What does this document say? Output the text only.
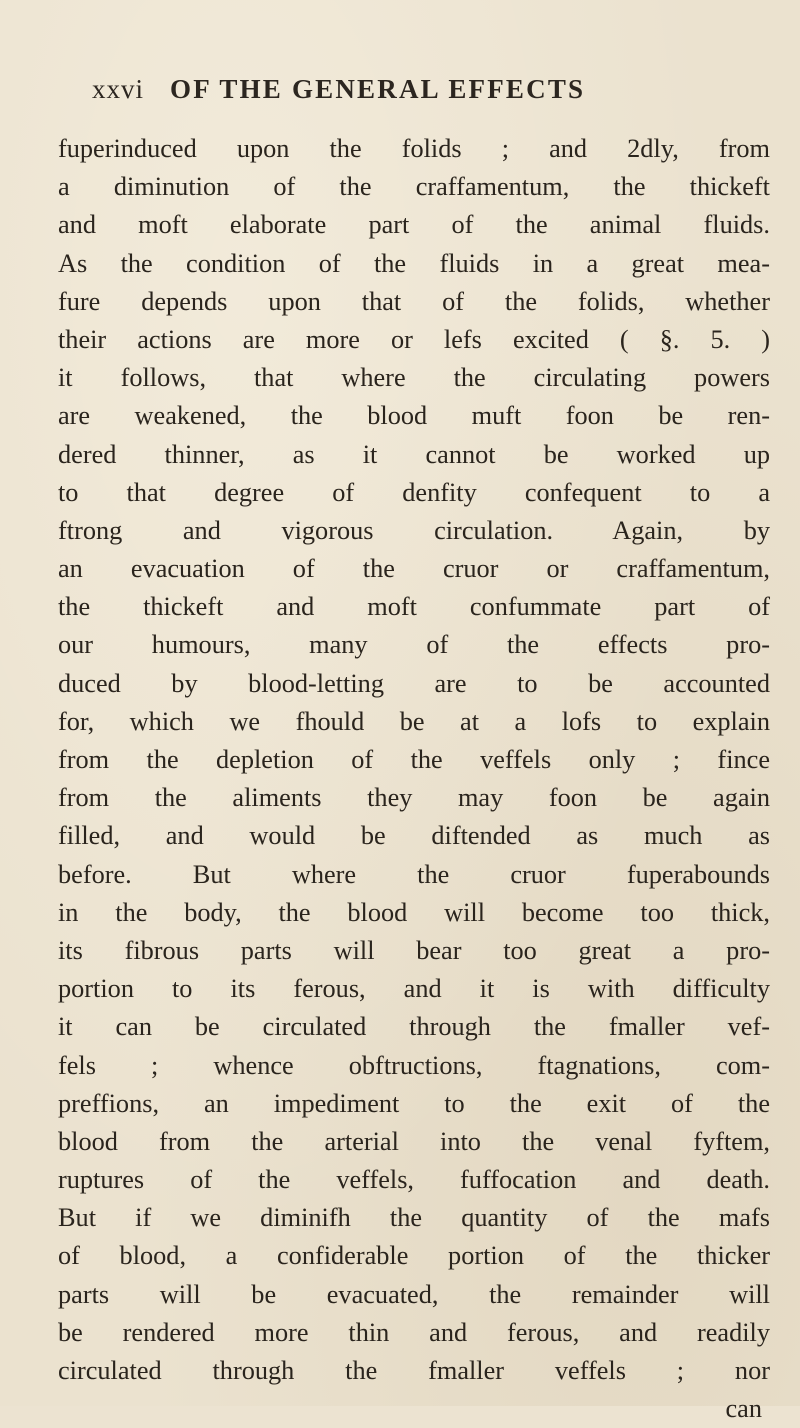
xxvi OF THE GENERAL EFFECTS
fuperinduced upon the folids ; and 2dly, from
a diminution of the craffamentum, the thickeft
and moft elaborate part of the animal fluids.
As the condition of the fluids in a great mea-
fure depends upon that of the folids, whether
their actions are more or lefs excited ( §. 5. )
it follows, that where the circulating powers
are weakened, the blood muft foon be ren-
dered thinner, as it cannot be worked up
to that degree of denfity confequent to a
ftrong and vigorous circulation. Again, by
an evacuation of the cruor or craffamentum,
the thickeft and moft confummate part of
our humours, many of the effects pro-
duced by blood-letting are to be accounted
for, which we fhould be at a lofs to explain
from the depletion of the veffels only ; fince
from the aliments they may foon be again
filled, and would be diftended as much as
before. But where the cruor fuperabounds
in the body, the blood will become too thick,
its fibrous parts will bear too great a pro-
portion to its ferous, and it is with difficulty
it can be circulated through the fmaller vef-
fels ; whence obftructions, ftagnations, com-
preffions, an impediment to the exit of the
blood from the arterial into the venal fyftem,
ruptures of the veffels, fuffocation and death.
But if we diminifh the quantity of the mafs
of blood, a confiderable portion of the thicker
parts will be evacuated, the remainder will
be rendered more thin and ferous, and readily
circulated through the fmaller veffels ; nor
can
